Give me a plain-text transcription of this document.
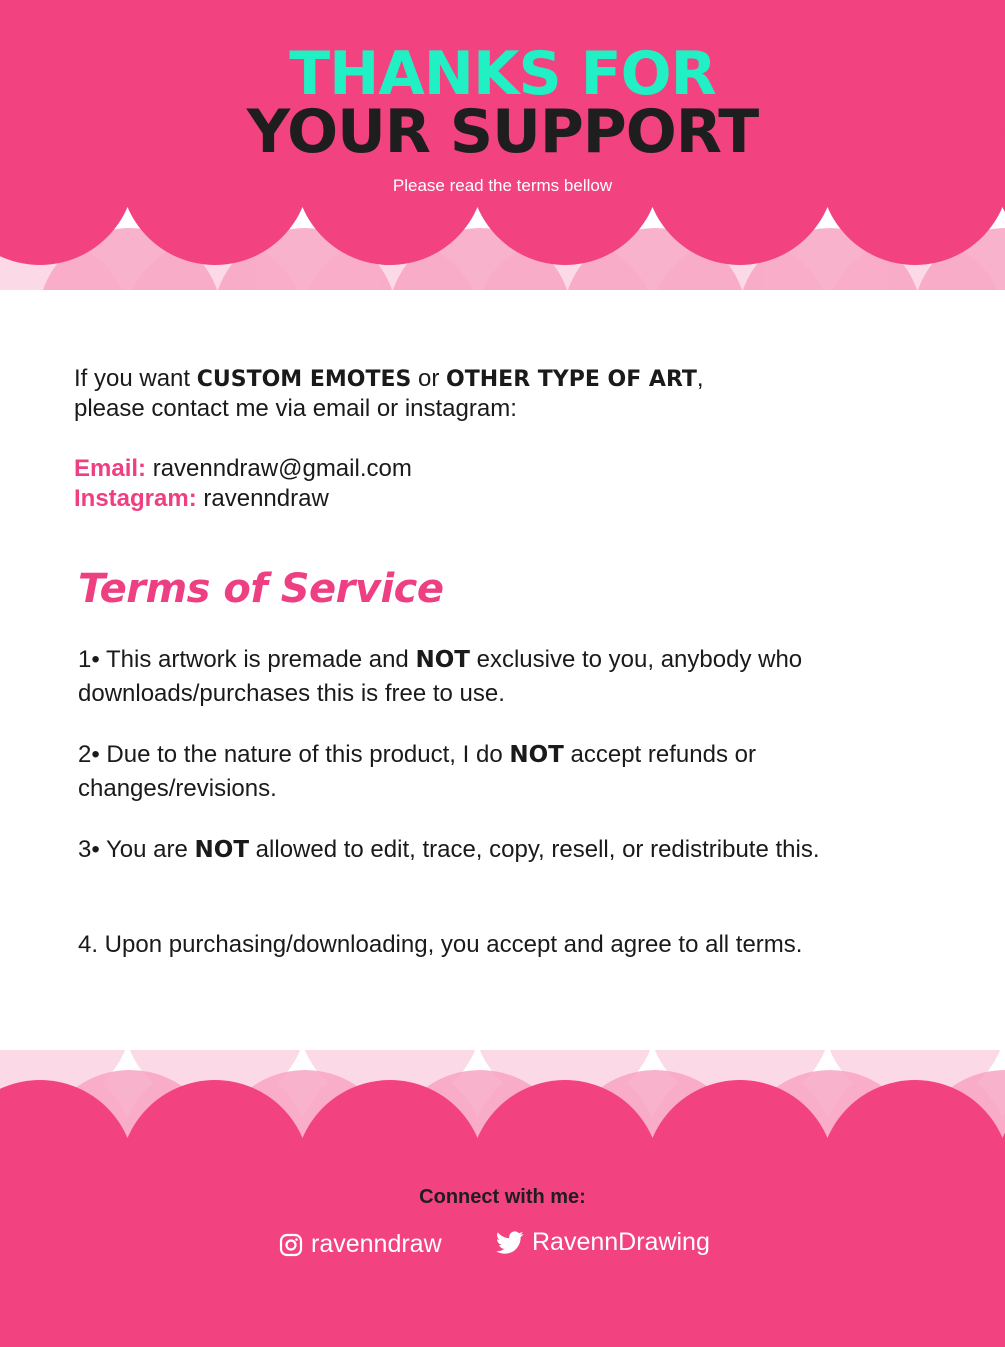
THANKS FOR
YOUR SUPPORT
Please read the terms bellow
If you want CUSTOM EMOTES or OTHER TYPE OF ART,
please contact me via email or instagram:
Email: ravenndraw@gmail.com
Instagram: ravenndraw
Terms of Service
1• This artwork is premade and NOT exclusive to you, anybody who downloads/purchases this is free to use.
2• Due to the nature of this product, I do NOT accept refunds or changes/revisions.
3• You are NOT allowed to edit, trace, copy, resell, or redistribute this.
4. Upon purchasing/downloading, you accept and agree to all terms.
Connect with me:
ravenndraw	RavennDrawing
